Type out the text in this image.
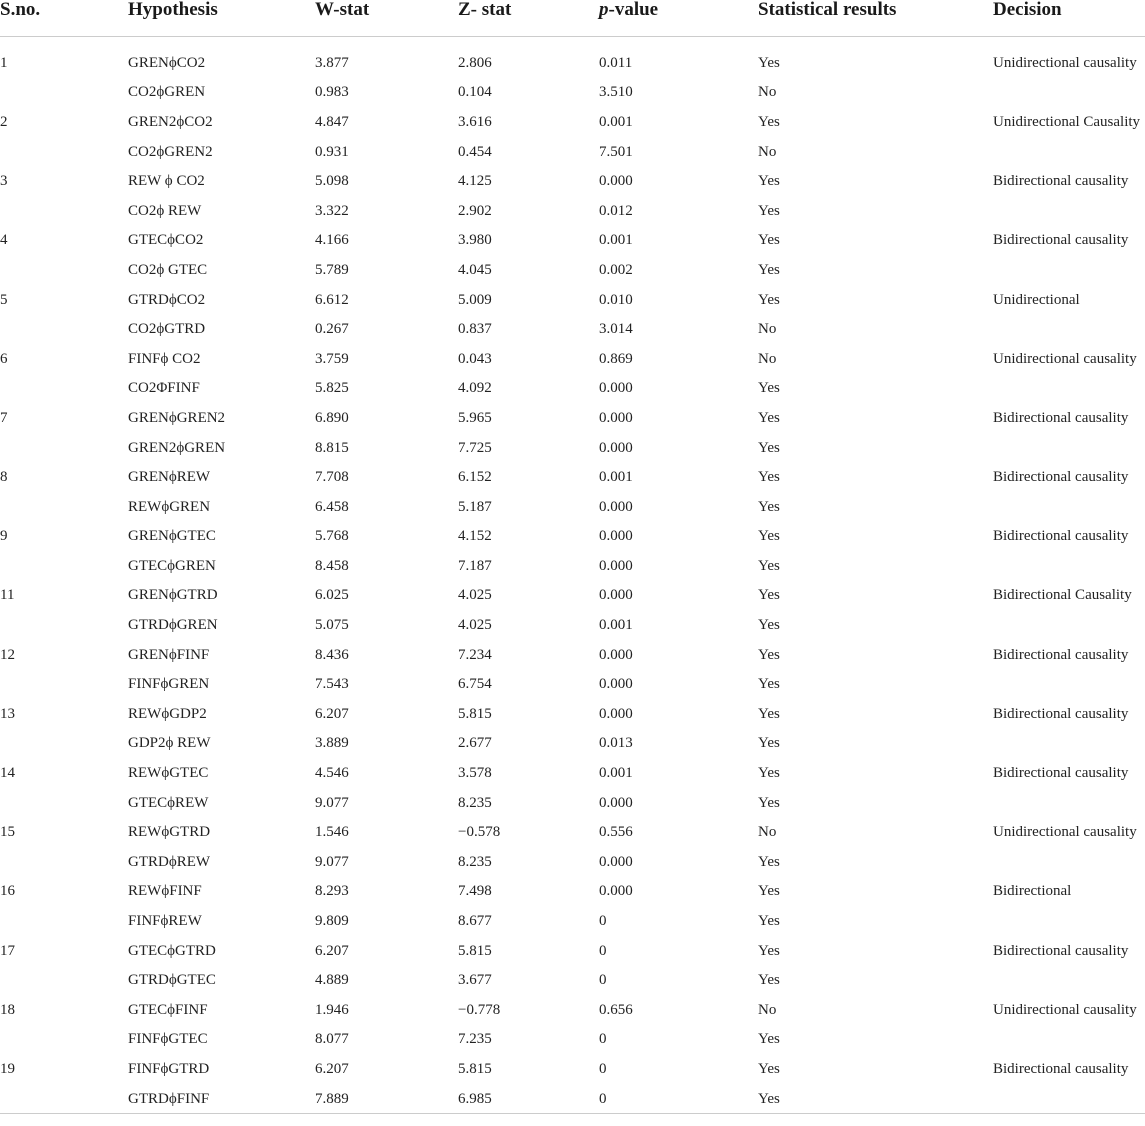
S.no.	Hypothesis	W-stat	Z- stat	p-value	Statistical results	Decision

1	GRENϕCO2	3.877	2.806	0.011	Yes	Unidirectional causality
	CO2ϕGREN	0.983	0.104	3.510	No	
2	GREN2ϕCO2	4.847	3.616	0.001	Yes	Unidirectional Causality
	CO2ϕGREN2	0.931	0.454	7.501	No	
3	REW ϕ CO2	5.098	4.125	0.000	Yes	Bidirectional causality
	CO2ϕ REW	3.322	2.902	0.012	Yes	
4	GTECϕCO2	4.166	3.980	0.001	Yes	Bidirectional causality
	CO2ϕ GTEC	5.789	4.045	0.002	Yes	
5	GTRDϕCO2	6.612	5.009	0.010	Yes	Unidirectional
	CO2ϕGTRD	0.267	0.837	3.014	No	
6	FINFϕ CO2	3.759	0.043	0.869	No	Unidirectional causality
	CO2ΦFINF	5.825	4.092	0.000	Yes	
7	GRENϕGREN2	6.890	5.965	0.000	Yes	Bidirectional causality
	GREN2ϕGREN	8.815	7.725	0.000	Yes	
8	GRENϕREW	7.708	6.152	0.001	Yes	Bidirectional causality
	REWϕGREN	6.458	5.187	0.000	Yes	
9	GRENϕGTEC	5.768	4.152	0.000	Yes	Bidirectional causality
	GTECϕGREN	8.458	7.187	0.000	Yes	
11	GRENϕGTRD	6.025	4.025	0.000	Yes	Bidirectional Causality
	GTRDϕGREN	5.075	4.025	0.001	Yes	
12	GRENϕFINF	8.436	7.234	0.000	Yes	Bidirectional causality
	FINFϕGREN	7.543	6.754	0.000	Yes	
13	REWϕGDP2	6.207	5.815	0.000	Yes	Bidirectional causality
	GDP2ϕ REW	3.889	2.677	0.013	Yes	
14	REWϕGTEC	4.546	3.578	0.001	Yes	Bidirectional causality
	GTECϕREW	9.077	8.235	0.000	Yes	
15	REWϕGTRD	1.546	−0.578	0.556	No	Unidirectional causality
	GTRDϕREW	9.077	8.235	0.000	Yes	
16	REWϕFINF	8.293	7.498	0.000	Yes	Bidirectional
	FINFϕREW	9.809	8.677	0	Yes	
17	GTECϕGTRD	6.207	5.815	0	Yes	Bidirectional causality
	GTRDϕGTEC	4.889	3.677	0	Yes	
18	GTECϕFINF	1.946	−0.778	0.656	No	Unidirectional causality
	FINFϕGTEC	8.077	7.235	0	Yes	
19	FINFϕGTRD	6.207	5.815	0	Yes	Bidirectional causality
	GTRDϕFINF	7.889	6.985	0	Yes	
